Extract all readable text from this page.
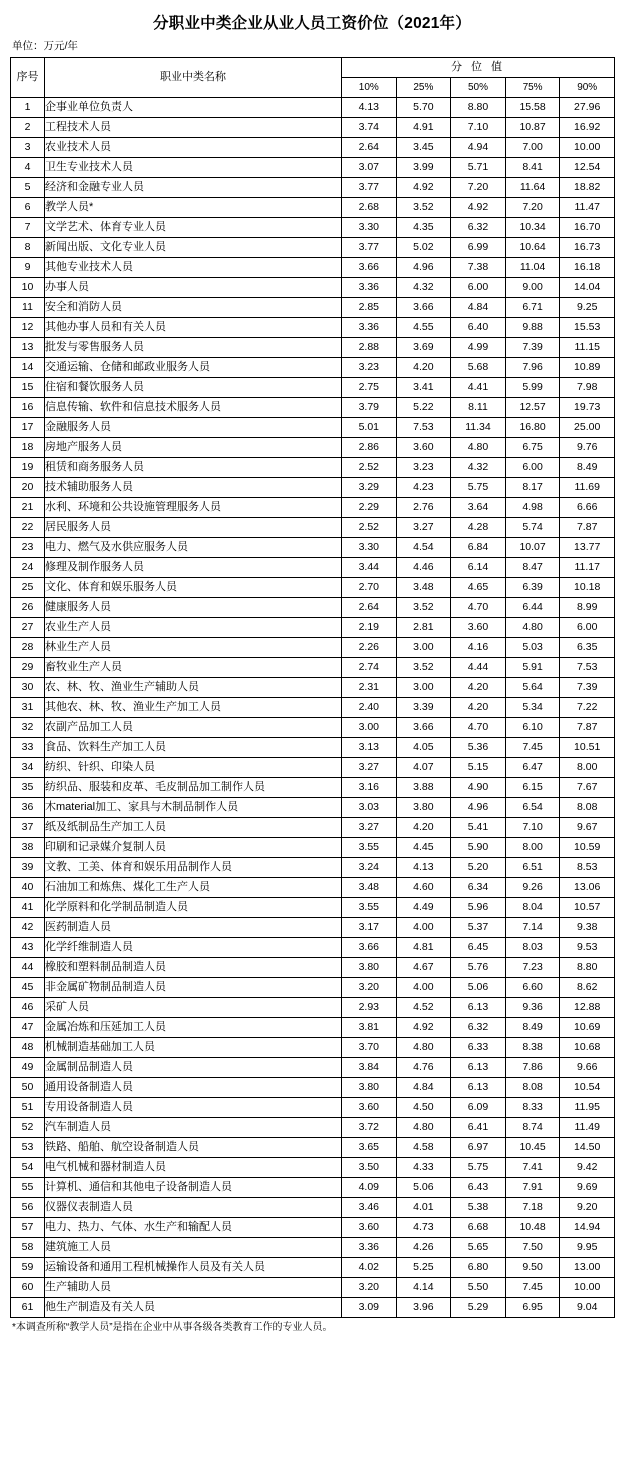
分职业中类企业从业人员工资价位（2021年）
单位：万元/年
序号	职业中类名称	分 位 值				
		10%	25%	50%	75%	90%
1	企事业单位负责人	4.13	5.70	8.80	15.58	27.96
2	工程技术人员	3.74	4.91	7.10	10.87	16.92
3	农业技术人员	2.64	3.45	4.94	7.00	10.00
4	卫生专业技术人员	3.07	3.99	5.71	8.41	12.54
5	经济和金融专业人员	3.77	4.92	7.20	11.64	18.82
6	教学人员*	2.68	3.52	4.92	7.20	11.47
7	文学艺术、体育专业人员	3.30	4.35	6.32	10.34	16.70
8	新闻出版、文化专业人员	3.77	5.02	6.99	10.64	16.73
9	其他专业技术人员	3.66	4.96	7.38	11.04	16.18
10	办事人员	3.36	4.32	6.00	9.00	14.04
11	安全和消防人员	2.85	3.66	4.84	6.71	9.25
12	其他办事人员和有关人员	3.36	4.55	6.40	9.88	15.53
13	批发与零售服务人员	2.88	3.69	4.99	7.39	11.15
14	交通运输、仓储和邮政业服务人员	3.23	4.20	5.68	7.96	10.89
15	住宿和餐饮服务人员	2.75	3.41	4.41	5.99	7.98
16	信息传输、软件和信息技术服务人员	3.79	5.22	8.11	12.57	19.73
17	金融服务人员	5.01	7.53	11.34	16.80	25.00
18	房地产服务人员	2.86	3.60	4.80	6.75	9.76
19	租赁和商务服务人员	2.52	3.23	4.32	6.00	8.49
20	技术辅助服务人员	3.29	4.23	5.75	8.17	11.69
21	水利、环境和公共设施管理服务人员	2.29	2.76	3.64	4.98	6.66
22	居民服务人员	2.52	3.27	4.28	5.74	7.87
23	电力、燃气及水供应服务人员	3.30	4.54	6.84	10.07	13.77
24	修理及制作服务人员	3.44	4.46	6.14	8.47	11.17
25	文化、体育和娱乐服务人员	2.70	3.48	4.65	6.39	10.18
26	健康服务人员	2.64	3.52	4.70	6.44	8.99
27	农业生产人员	2.19	2.81	3.60	4.80	6.00
28	林业生产人员	2.26	3.00	4.16	5.03	6.35
29	畜牧业生产人员	2.74	3.52	4.44	5.91	7.53
30	农、林、牧、渔业生产辅助人员	2.31	3.00	4.20	5.64	7.39
31	其他农、林、牧、渔业生产加工人员	2.40	3.39	4.20	5.34	7.22
32	农副产品加工人员	3.00	3.66	4.70	6.10	7.87
33	食品、饮料生产加工人员	3.13	4.05	5.36	7.45	10.51
34	纺织、针织、印染人员	3.27	4.07	5.15	6.47	8.00
35	纺织品、服装和皮革、毛皮制品加工制作人员	3.16	3.88	4.90	6.15	7.67
36	木material加工、家具与木制品制作人员	3.03	3.80	4.96	6.54	8.08
37	纸及纸制品生产加工人员	3.27	4.20	5.41	7.10	9.67
38	印刷和记录媒介复制人员	3.55	4.45	5.90	8.00	10.59
39	文教、工美、体育和娱乐用品制作人员	3.24	4.13	5.20	6.51	8.53
40	石油加工和炼焦、煤化工生产人员	3.48	4.60	6.34	9.26	13.06
41	化学原料和化学制品制造人员	3.55	4.49	5.96	8.04	10.57
42	医药制造人员	3.17	4.00	5.37	7.14	9.38
43	化学纤维制造人员	3.66	4.81	6.45	8.03	9.53
44	橡胶和塑料制品制造人员	3.80	4.67	5.76	7.23	8.80
45	非金属矿物制品制造人员	3.20	4.00	5.06	6.60	8.62
46	采矿人员	2.93	4.52	6.13	9.36	12.88
47	金属冶炼和压延加工人员	3.81	4.92	6.32	8.49	10.69
48	机械制造基础加工人员	3.70	4.80	6.33	8.38	10.68
49	金属制品制造人员	3.84	4.76	6.13	7.86	9.66
50	通用设备制造人员	3.80	4.84	6.13	8.08	10.54
51	专用设备制造人员	3.60	4.50	6.09	8.33	11.95
52	汽车制造人员	3.72	4.80	6.41	8.74	11.49
53	铁路、船舶、航空设备制造人员	3.65	4.58	6.97	10.45	14.50
54	电气机械和器材制造人员	3.50	4.33	5.75	7.41	9.42
55	计算机、通信和其他电子设备制造人员	4.09	5.06	6.43	7.91	9.69
56	仪器仪表制造人员	3.46	4.01	5.38	7.18	9.20
57	电力、热力、气体、水生产和输配人员	3.60	4.73	6.68	10.48	14.94
58	建筑施工人员	3.36	4.26	5.65	7.50	9.95
59	运输设备和通用工程机械操作人员及有关人员	4.02	5.25	6.80	9.50	13.00
60	生产辅助人员	3.20	4.14	5.50	7.45	10.00
61	他生产制造及有关人员	3.09	3.96	5.29	6.95	9.04
*本调查所称“教学人员”是指在企业中从事各级各类教育工作的专业人员。
